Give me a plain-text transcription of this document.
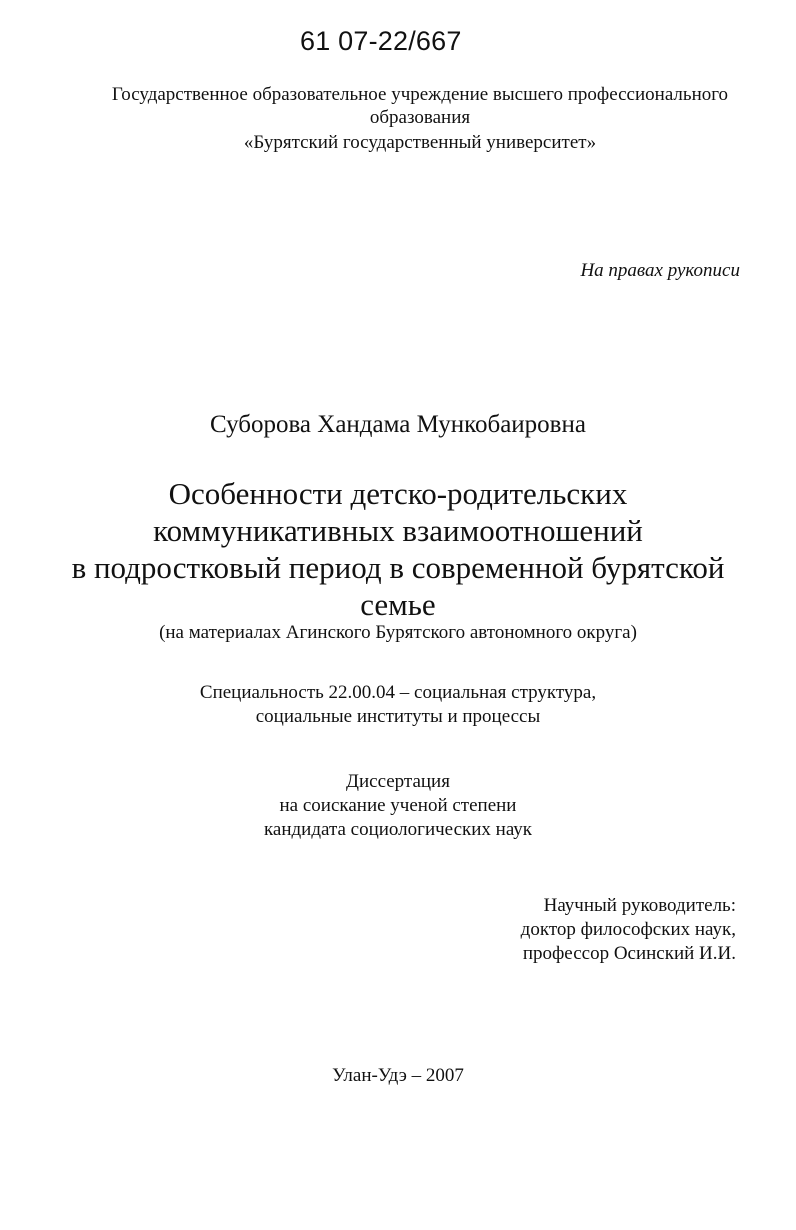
61 07-22/667
Государственное образовательное учреждение высшего профессионального
образования
«Бурятский государственный университет»
На правах рукописи
Суборова Хандама Мункобаировна
Особенности детско-родительских
коммуникативных взаимоотношений
в подростковый период в современной бурятской
семье
(на материалах Агинского Бурятского автономного округа)
Специальность 22.00.04 – социальная структура,
социальные институты и процессы
Диссертация
на соискание ученой степени
кандидата социологических наук
Научный руководитель:
доктор философских наук,
профессор Осинский И.И.
Улан-Удэ – 2007
